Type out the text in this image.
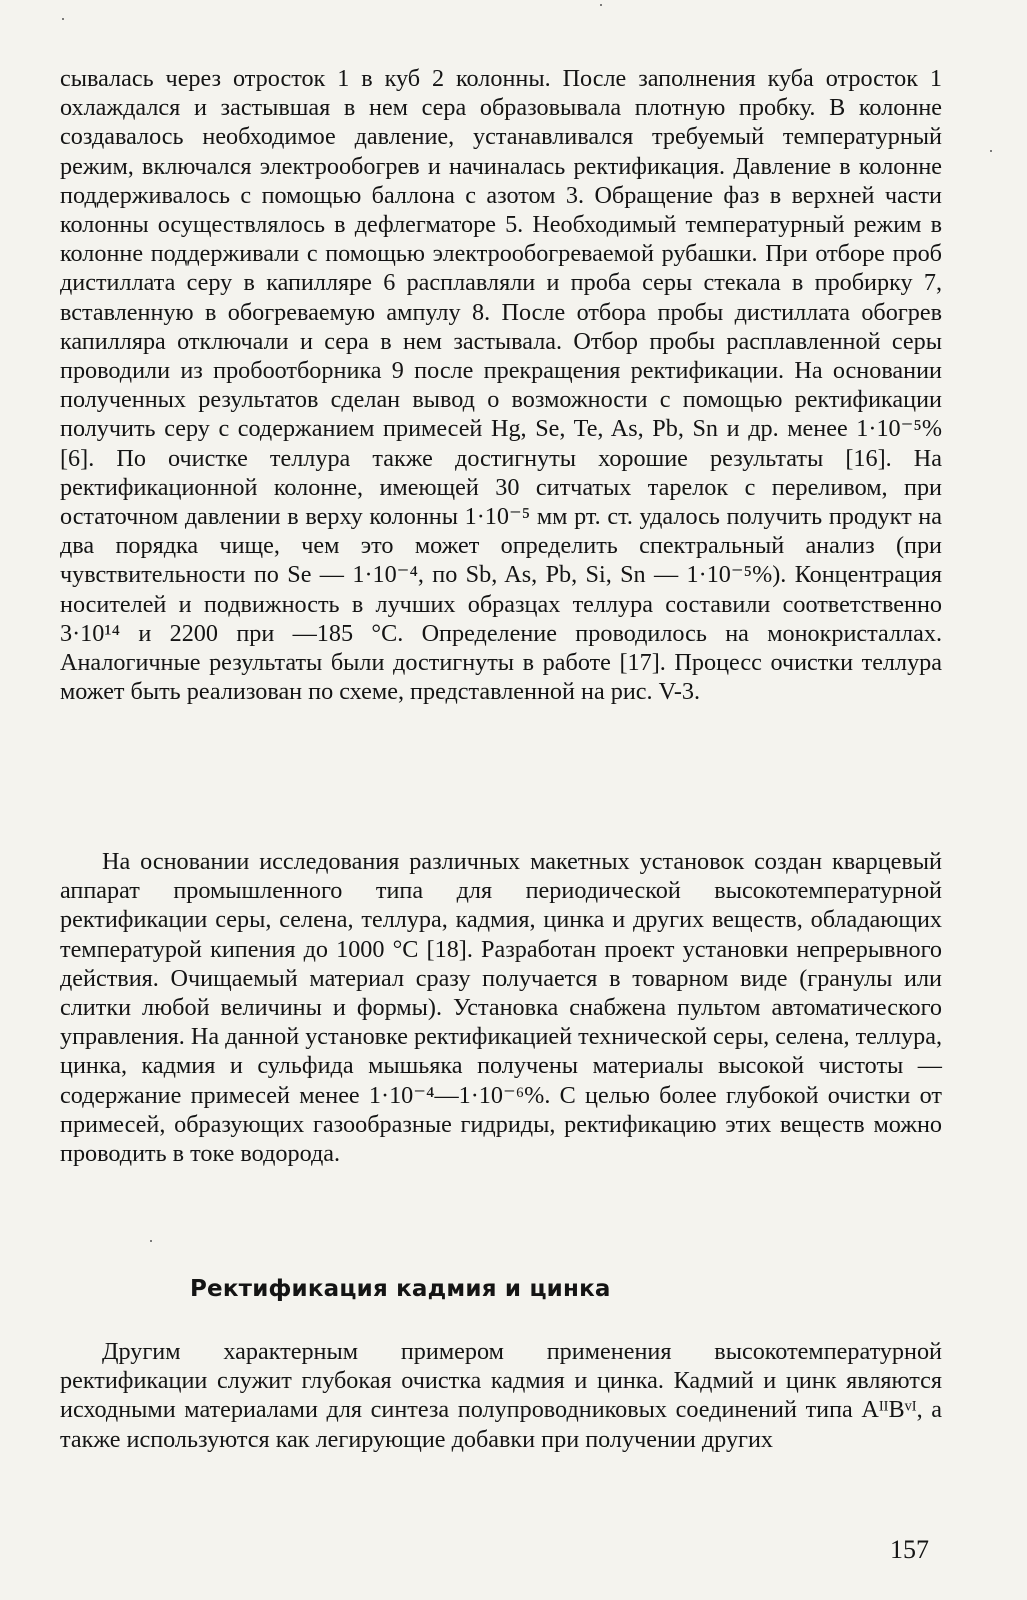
сывалась через отросток 1 в куб 2 колонны. После заполнения куба отросток 1 охлаждался и застывшая в нем сера образовывала плотную пробку. В колонне создавалось необходимое давление, устанавливался требуемый температурный режим, включался электрообогрев и начиналась ректификация. Давление в колонне поддерживалось с помощью баллона с азотом 3. Обращение фаз в верхней части колонны осуществлялось в дефлегматоре 5. Необходимый температурный режим в колонне поддерживали с помощью электрообогреваемой рубашки. При отборе проб дистиллата серу в капилляре 6 расплавляли и проба серы стекала в пробирку 7, вставленную в обогреваемую ампулу 8. После отбора пробы дистиллата обогрев капилляра отключали и сера в нем застывала. Отбор пробы расплавленной серы проводили из пробоотборника 9 после прекращения ректификации. На основании полученных результатов сделан вывод о возможности с помощью ректификации получить серу с содержанием примесей Hg, Se, Te, As, Pb, Sn и др. менее 1·10⁻⁵% [6]. По очистке теллура также достигнуты хорошие результаты [16]. На ректификационной колонне, имеющей 30 ситчатых тарелок с переливом, при остаточном давлении в верху колонны 1·10⁻⁵ мм рт. ст. удалось получить продукт на два порядка чище, чем это может определить спектральный анализ (при чувствительности по Se — 1·10⁻⁴, по Sb, As, Pb, Si, Sn — 1·10⁻⁵%). Концентрация носителей и подвижность в лучших образцах теллура составили соответственно 3·10¹⁴ и 2200 при —185 °С. Определение проводилось на монокристаллах. Аналогичные результаты были достигнуты в работе [17]. Процесс очистки теллура может быть реализован по схеме, представленной на рис. V-3.

На основании исследования различных макетных установок создан кварцевый аппарат промышленного типа для периодической высокотемпературной ректификации серы, селена, теллура, кадмия, цинка и других веществ, обладающих температурой кипения до 1000 °С [18]. Разработан проект установки непрерывного действия. Очищаемый материал сразу получается в товарном виде (гранулы или слитки любой величины и формы). Установка снабжена пультом автоматического управления. На данной установке ректификацией технической серы, селена, теллура, цинка, кадмия и сульфида мышьяка получены материалы высокой чистоты — содержание примесей менее 1·10⁻⁴—1·10⁻⁶%. С целью более глубокой очистки от примесей, образующих газообразные гидриды, ректификацию этих веществ можно проводить в токе водорода.

Ректификация кадмия и цинка

Другим характерным примером применения высокотемпературной ректификации служит глубокая очистка кадмия и цинка. Кадмий и цинк являются исходными материалами для синтеза полупроводниковых соединений типа AᴵᴵBᵛᴵ, а также используются как легирующие добавки при получении других

157
